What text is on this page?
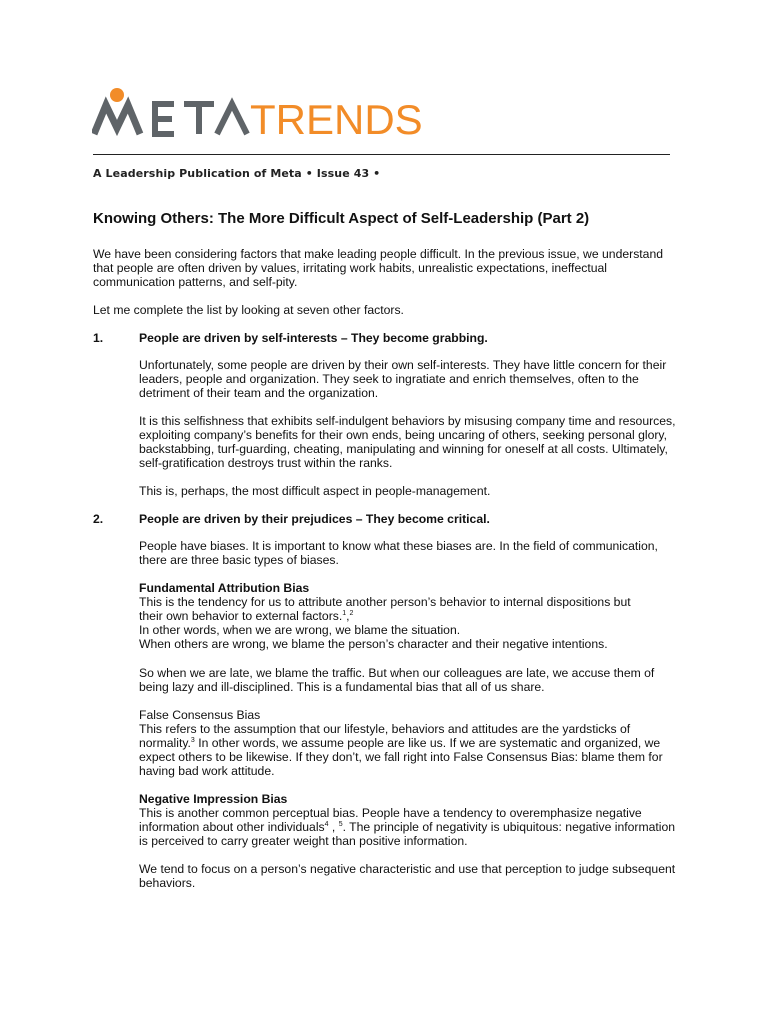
TRENDS
A Leadership Publication of Meta • Issue 43 •
Knowing Others: The More Difficult Aspect of Self-Leadership (Part 2)
We have been considering factors that make leading people difficult. In the previous issue, we understand that people are often driven by values, irritating work habits, unrealistic expectations, ineffectual communication patterns, and self-pity.
Let me complete the list by looking at seven other factors.
1.	People are driven by self-interests – They become grabbing.
Unfortunately, some people are driven by their own self-interests. They have little concern for their leaders, people and organization. They seek to ingratiate and enrich themselves, often to the detriment of their team and the organization.
It is this selfishness that exhibits self-indulgent behaviors by misusing company time and resources, exploiting company’s benefits for their own ends, being uncaring of others, seeking personal glory, backstabbing, turf-guarding, cheating, manipulating and winning for oneself at all costs. Ultimately, self-gratification destroys trust within the ranks.
This is, perhaps, the most difficult aspect in people-management.
2.	People are driven by their prejudices – They become critical.
People have biases. It is important to know what these biases are. In the field of communication, there are three basic types of biases.
Fundamental Attribution Bias
This is the tendency for us to attribute another person’s behavior to internal dispositions but
their own behavior to external factors.$^1$,$^2$
In other words, when we are wrong, we blame the situation.
When others are wrong, we blame the person’s character and their negative intentions.
So when we are late, we blame the traffic. But when our colleagues are late, we accuse them of being lazy and ill-disciplined. This is a fundamental bias that all of us share.
False Consensus Bias
This refers to the assumption that our lifestyle, behaviors and attitudes are the yardsticks of normality.$^3$ In other words, we assume people are like us. If we are systematic and organized, we expect others to be likewise. If they don’t, we fall right into False Consensus Bias: blame them for having bad work attitude.
Negative Impression Bias
This is another common perceptual bias. People have a tendency to overemphasize negative information about other individuals$^4$ , $^5$. The principle of negativity is ubiquitous: negative information is perceived to carry greater weight than positive information.
We tend to focus on a person’s negative characteristic and use that perception to judge subsequent behaviors.
